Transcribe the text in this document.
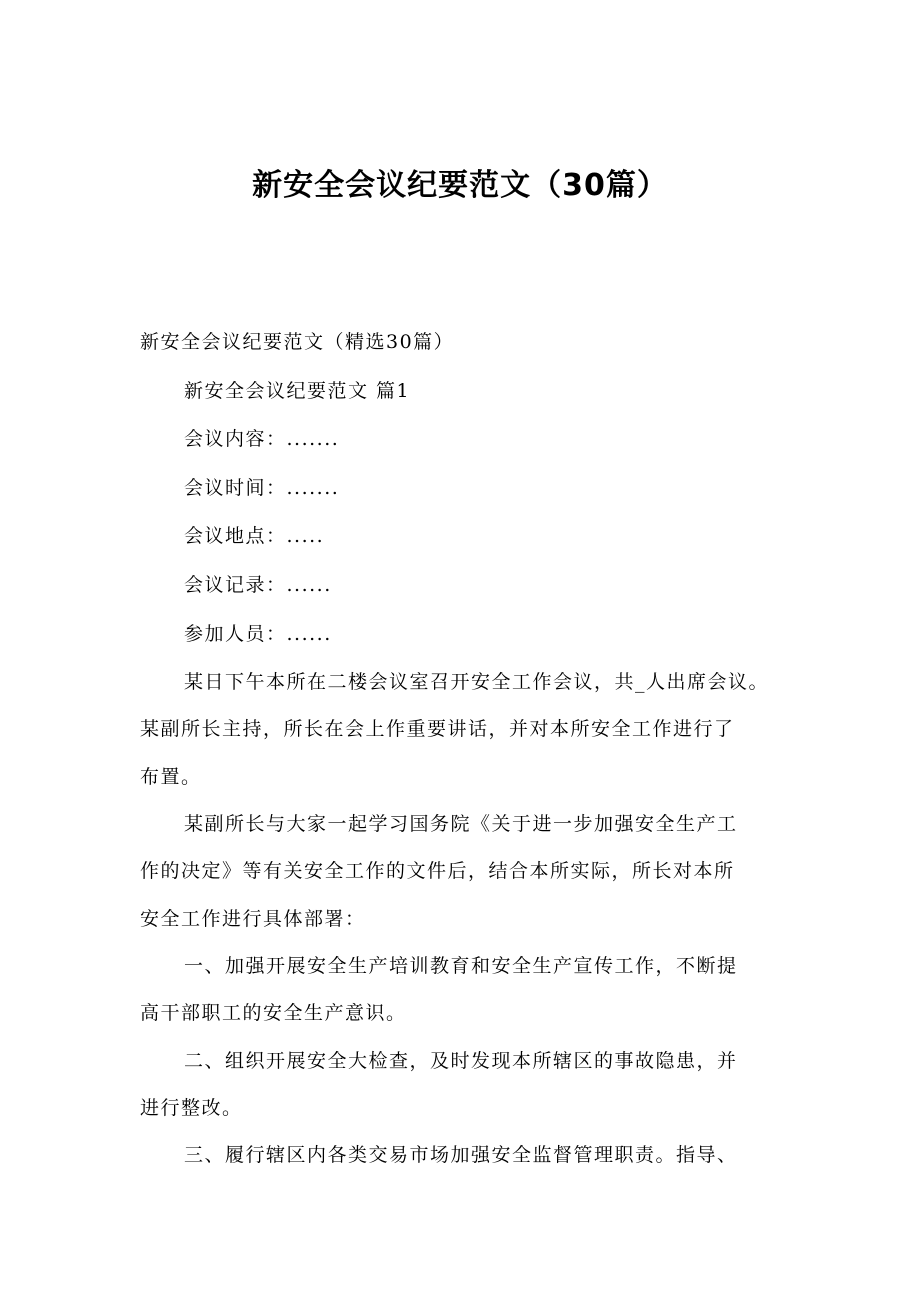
新安全会议纪要范文（30篇）
新安全会议纪要范文（精选30篇）
新安全会议纪要范文 篇1
会议内容：.......
会议时间：.......
会议地点：.....
会议记录：......
参加人员：......
某日下午本所在二楼会议室召开安全工作会议，共_人出席会议。
某副所长主持，所长在会上作重要讲话，并对本所安全工作进行了
布置。
某副所长与大家一起学习国务院《关于进一步加强安全生产工
作的决定》等有关安全工作的文件后，结合本所实际，所长对本所
安全工作进行具体部署：
一、加强开展安全生产培训教育和安全生产宣传工作，不断提
高干部职工的安全生产意识。
二、组织开展安全大检查，及时发现本所辖区的事故隐患，并
进行整改。
三、履行辖区内各类交易市场加强安全监督管理职责。指导、
